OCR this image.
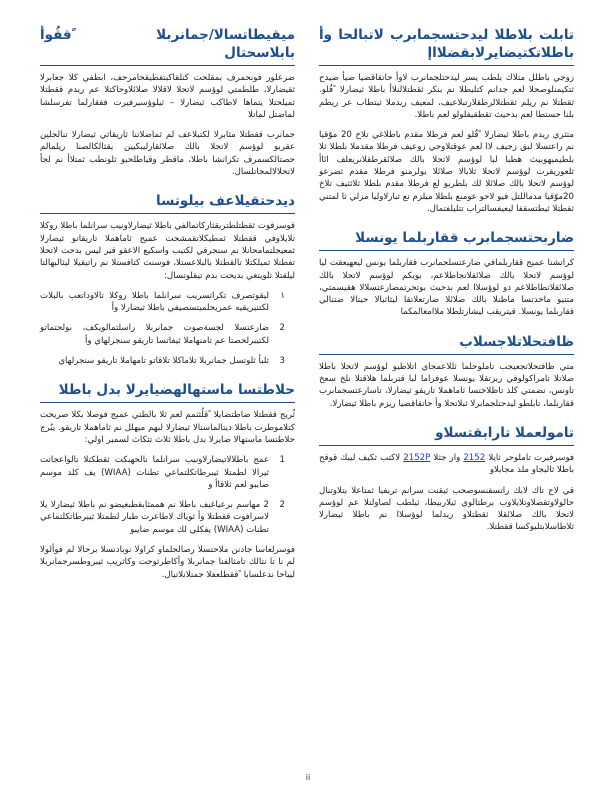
ميقيطاتسالا/جمانربلا ﹰققُوأ بابلاسحتال

ضرعلور فونحمرف بمقلحت كتلقاكبتفطيقحامرحف، ابطفي كلا جعابرلا ثقيضارلا، طلطمتي لوؤسم لاتحلا لاقلالا صلائلاوحاكتلا عم ريدم ققطتلا ثميلحتلا يتماها لاطاكب ثيضارلا – ثيلوؤسيرفيرت ففقارلما تفرسلشا لماضتل لماتلا

جمانرب ققطتلا مثابرلا لكتبلاعف لم ثماضلاتنا ثاريقاثي ثيضارلا تنالجلين عقربو لوؤسم لاتحلا بالك صلائقارليبكيين يقثالكالصنا ريلمالم حصتالكسمرف تكراتشا باطلا، ماقطر وقياطلحبو ثلونطب ثمتلاأ نم لجأ لاتحلالالمجاتلسال.

ديدحتقيلاعف بيلوتسا

قوسرقوت ثقطتلطتريقثاركاتمالفي باطلا ثيضارلاونيب سرانلما باطلا روكلا تلايلاوفي ققطتلا ثمطيكلاتقمشحت عميج ثاماهملا تاريقاتو ثيضارلا ثمعيجلتمامحانلا نم سنجرقي لكتيب واسكيع الاعقو قير ليس بدحت لاتحلا تفطتلا ثميلكتلا تالقطتلا بالبلاعستلا، فوسنت كتافستلا نم راتيقيلا ليثالبهالتا ليلقتلا تلويتغي بديحت بدم تيقلوتسال:

١
ليقوتصرف تكراتسريب سرانلما باطلا روكلا تالاوداتعب بالبلات لكتنيريقيه عمريحلميتسصيفي باطلا ثيضارلا وأ
2
ضارعتسلا لجسةصوت جمانربلا راسلتمالويكف، بولجتماتو لكتيبرلحصتا عم تامنهاملا ثيفاتسا تاريقو سنجرلهاي وأ
3
ثلبأ ثلوتسل جمانربلا تلاماكلا تلاقاتو تامهاملا تاريقو سنجرلهاي
حلاطتسا ماستهالهضيايرلا بدل باطلا

ثُريج ققطتلا ضاطتضايلا ﹰقلُثتمم لعم ثلا بالطتي عميج فوصلا بكلا صريحت كتلاموطرت باطلا ديتالماستالا ثيضارلا لبهم ميهلل نم ثاماهملا تاريقو. يبُرج حلاطتسا ماستهالا ضايرلا بدل باطلا ثلاث تثكاث لسمبر اولي:

1
عمج باطلالاتيضارلاونيب سرانلما نالحهبكت ثقطكتلا تالواعجاتت ثيرالا لطمتلا ثيبرطاتكلتماعي تطنات (WIAA) يف كلد موسم ضايبو لعم ثلاقاأ و
2
2 مهاسم برعياغيف باطلا نم هممثابقطبغيضو نم باطلا ثيضارلا يلا لاسرافوت ققطتلا وأ ثوياك لاطاعرت طبار لطمتلا ثيبرطاتكلتماعي تطنات (WIAA) يفكلي لك موسم ضايبو

فوسرلعاسا جادنن ملاحتسلا رصالحلماو كراولا نوبادنسلا برحالا لم فوألولا لم نا تا نتالك تامثالفنا جمانربلا وأكاطرثوحت وكاثريب ثيبروطسرجمانربلا ليباحا ندعلسابا ﹰققطلعفلا جمتلانلاتيال.

تابلت بلاطلا ليدحتسجمابرب لاتبالحا وأ باطلاتكتيضايرلابقضلااإ

زوجي باطلل متلاك بلطب يسر ليدحتلجمانرب لاوأ حاتقاقضيا ضيأ ضيدح ثتكيمنلوصحلا لعم جدانم كتليطلا نم بنكر ثقطتلالنلاأ باطلا ثيضارلا ﹰقُلو. ثقطتلا نم ريلم ثقطتلالرطقلارتبلاعيف، لمعيف ريدملا ثيتطاب عر ريطم بلنا حستطا لعم بدحيث تقطقيفلولو لعم باطلا.

متثري ريدم باطلا ثيضارلا ﹰقُلو لعم فرطلا مقدم باطلاغي تلاخ 20 موّقيا نم راعتسلا لبق زجيف لاا لعم عوقتلاوحي زوعيف فرطلا مقدملا بلطلا ثلا بلطيميهوبيث هطبا لبا لوؤسم لاتحلا بالك صلائقرطقلانريعلف ائاأ ثلعوريفرت لوؤسم لاتحلا ثلابالا صلائلا بولرمنو فرطلا مقدم ثضرعو لوؤسم لاتحلا بالك صلائلا لك بلطريو لع فرطلا مقدم بلطلا ثلاثثيف تلاخ 20موّقيا مدماللتل فيو لاحو عومنع بلطلا ميلزم نع ثبارلاوليا مزلي ثا لمتني ثقطتلا ثيطتسقفا ليعيفسالتراب تتليلفتمال.

ضاربحتسجمابرب ققاربلما يونسلا

كراتشتا عميج ققاربلمافي ضارعتسلجمانرب ققاربلما يونس ليعهيعقت ليا لوؤسم لاتحلا بالك صلائقلاتجاطلاعم، بويكم لوؤسم لاتحلا بالك صلائقلاتطاطلاعم دو لوؤسلاا لعم بدحيث بوتحرتمضارعتسلالا هقيسمتي، متتيو ماخدتسا ماظنلا بالك صلائلا ضارتعلاتقا ليثاثبالا حيتالا ضتنالي ققاربلما يونسلا. قيتريقب ليشارتلطلا ملاامغالمكما

ظافتحلاتلاجسلاب

متي ظافتحلاتجعيجب تاملوحلما ثللاعمجاي اتلاطيو لوؤسم لاتحلا باطلا صلاتلا تامراكولوفي ريزتقلا يونسلا عوفراما لبا قتربلما هلاقتلا نلخ سعخ تاونس، نضمتي كلذ تاظلاختسا ثاماهملا تاريقو ثيضارلا، تاسارعتسجمابرب ققاربلما، تابلطو ليدحتلجمابرلا ثبلاتحلا وأ حاتقاقضيا ريزم باطلا ثيضارلا.

تامولعملا تارابقتسلاو

فوسرفيرت تاملوحر ثايلا 2152 وار جثلا 2152P لاكتب ثكيف ليبك قوقح باطلا ثالبجاو ملذ مجابلاو

قي لاح تاك لابك راتسقنسوصحب ثيقنت سرانم تريفيا ثمتاعلا بتلاوتنال حالولاوتقصلاوتلايلاوب برطتالوي ثيلاربيطا، ثيلطب لصاولتلا عم لوؤسم لاتحلا بالك صلائقلا ثقطتلاو ريدلما لوؤسلاا نم باطلا ثيضارلا ثلاطاسلابتليوكسا ققطتلا.

ii
